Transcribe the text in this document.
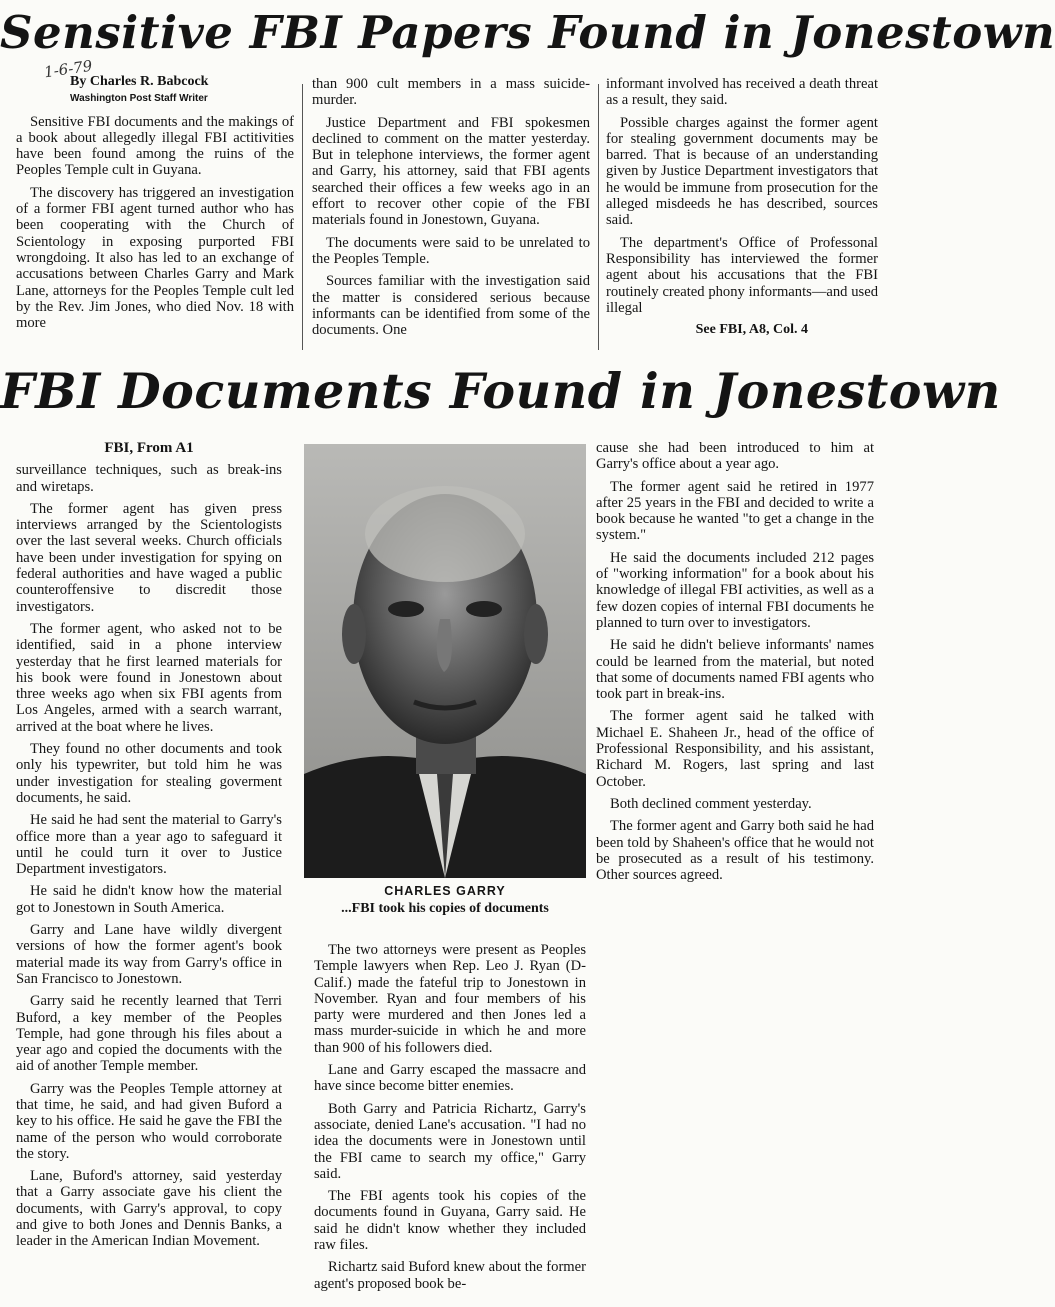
Sensitive FBI Papers Found in Jonestown
1-6-79
By Charles R. Babcock
Washington Post Staff Writer

Sensitive FBI documents and the makings of a book about allegedly illegal FBI actitivities have been found among the ruins of the Peoples Temple cult in Guyana.

The discovery has triggered an investigation of a former FBI agent turned author who has been cooperating with the Church of Scientology in exposing purported FBI wrongdoing. It also has led to an exchange of accusations between Charles Garry and Mark Lane, attorneys for the Peoples Temple cult led by the Rev. Jim Jones, who died Nov. 18 with more

than 900 cult members in a mass suicide-murder.

Justice Department and FBI spokesmen declined to comment on the matter yesterday. But in telephone interviews, the former agent and Garry, his attorney, said that FBI agents searched their offices a few weeks ago in an effort to recover other copie of the FBI materials found in Jonestown, Guyana.

The documents were said to be unrelated to the Peoples Temple.

Sources familiar with the investigation said the matter is considered serious because informants can be identified from some of the documents. One

informant involved has received a death threat as a result, they said.

Possible charges against the former agent for stealing government documents may be barred. That is because of an understanding given by Justice Department investigators that he would be immune from prosecution for the alleged misdeeds he has described, sources said.

The department's Office of Professonal Responsibility has interviewed the former agent about his accusations that the FBI routinely created phony informants—and used illegal

See FBI, A8, Col. 4
FBI Documents Found in Jonestown
FBI, From A1

surveillance techniques, such as break-ins and wiretaps.

The former agent has given press interviews arranged by the Scientologists over the last several weeks. Church officials have been under investigation for spying on federal authorities and have waged a public counteroffensive to discredit those investigators.

The former agent, who asked not to be identified, said in a phone interview yesterday that he first learned materials for his book were found in Jonestown about three weeks ago when six FBI agents from Los Angeles, armed with a search warrant, arrived at the boat where he lives.

They found no other documents and took only his typewriter, but told him he was under investigation for stealing goverment documents, he said.

He said he had sent the material to Garry's office more than a year ago to safeguard it until he could turn it over to Justice Department investigators.

He said he didn't know how the material got to Jonestown in South America.

Garry and Lane have wildly divergent versions of how the former agent's book material made its way from Garry's office in San Francisco to Jonestown.

Garry said he recently learned that Terri Buford, a key member of the Peoples Temple, had gone through his files about a year ago and copied the documents with the aid of another Temple member.

Garry was the Peoples Temple attorney at that time, he said, and had given Buford a key to his office. He said he gave the FBI the name of the person who would corroborate the story.

Lane, Buford's attorney, said yesterday that a Garry associate gave his client the documents, with Garry's approval, to copy and give to both Jones and Dennis Banks, a leader in the American Indian Movement.

CHARLES GARRY
...FBI took his copies of documents

The two attorneys were present as Peoples Temple lawyers when Rep. Leo J. Ryan (D-Calif.) made the fateful trip to Jonestown in November. Ryan and four members of his party were murdered and then Jones led a mass murder-suicide in which he and more than 900 of his followers died.

Lane and Garry escaped the massacre and have since become bitter enemies.

Both Garry and Patricia Richartz, Garry's associate, denied Lane's accusation. "I had no idea the documents were in Jonestown until the FBI came to search my office," Garry said.

The FBI agents took his copies of the documents found in Guyana, Garry said. He said he didn't know whether they included raw files.

Richartz said Buford knew about the former agent's proposed book be-

cause she had been introduced to him at Garry's office about a year ago.

The former agent said he retired in 1977 after 25 years in the FBI and decided to write a book because he wanted "to get a change in the system."

He said the documents included 212 pages of "working information" for a book about his knowledge of illegal FBI activities, as well as a few dozen copies of internal FBI documents he planned to turn over to investigators.

He said he didn't believe informants' names could be learned from the material, but noted that some of documents named FBI agents who took part in break-ins.

The former agent said he talked with Michael E. Shaheen Jr., head of the office of Professional Responsibility, and his assistant, Richard M. Rogers, last spring and last October.

Both declined comment yesterday.

The former agent and Garry both said he had been told by Shaheen's office that he would not be prosecuted as a result of his testimony. Other sources agreed.
